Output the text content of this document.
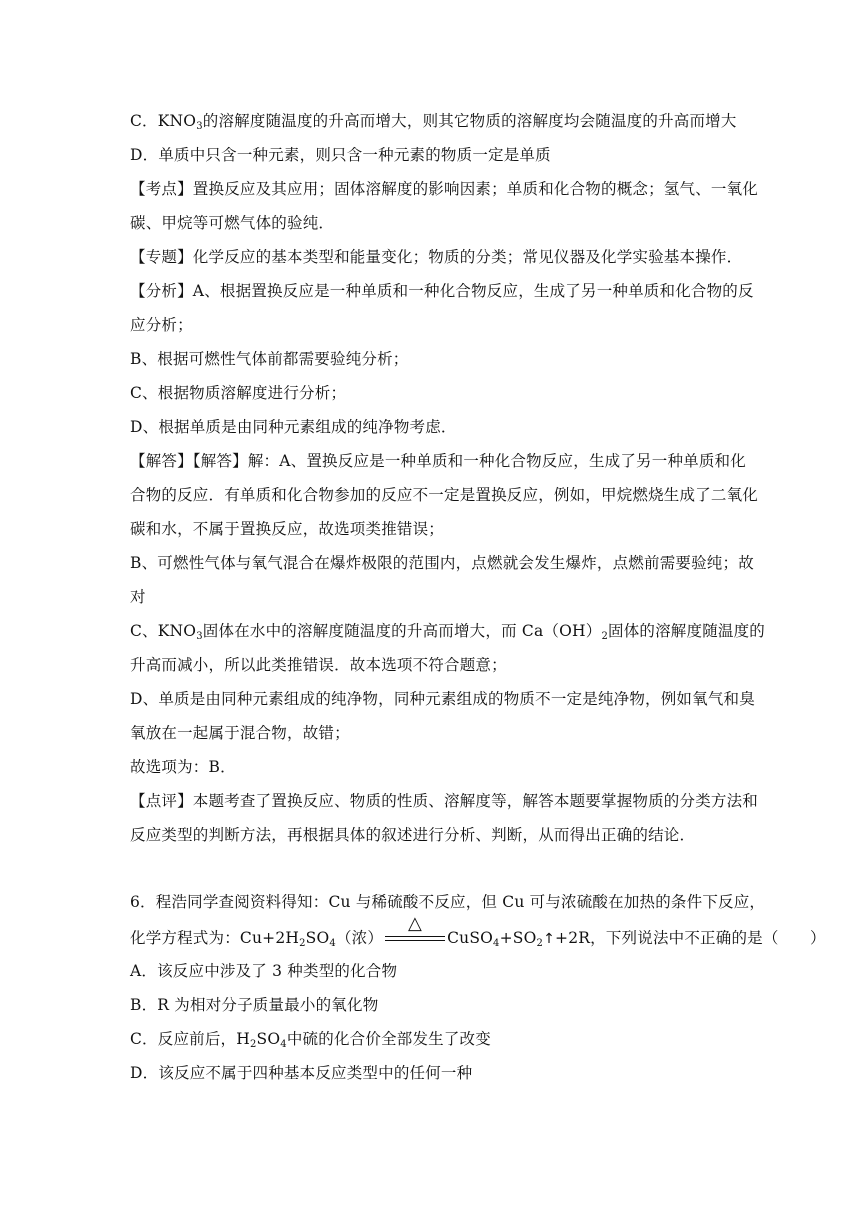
C．$KNO_3$的溶解度随温度的升高而增大，则其它物质的溶解度均会随温度的升高而增大
D．单质中只含一种元素，则只含一种元素的物质一定是单质
【考点】置换反应及其应用；固体溶解度的影响因素；单质和化合物的概念；氢气、一氧化
碳、甲烷等可燃气体的验纯．
【专题】化学反应的基本类型和能量变化；物质的分类；常见仪器及化学实验基本操作．
【分析】A、根据置换反应是一种单质和一种化合物反应，生成了另一种单质和化合物的反
应分析；
B、根据可燃性气体前都需要验纯分析；
C、根据物质溶解度进行分析；
D、根据单质是由同种元素组成的纯净物考虑．
【解答】【解答】解：A、置换反应是一种单质和一种化合物反应，生成了另一种单质和化
合物的反应．有单质和化合物参加的反应不一定是置换反应，例如，甲烷燃烧生成了二氧化
碳和水，不属于置换反应，故选项类推错误；
B、可燃性气体与氧气混合在爆炸极限的范围内，点燃就会发生爆炸，点燃前需要验纯；故
对
C、$KNO_3$固体在水中的溶解度随温度的升高而增大，而 $Ca(OH)_2$固体的溶解度随温度的
升高而减小，所以此类推错误．故本选项不符合题意；
D、单质是由同种元素组成的纯净物，同种元素组成的物质不一定是纯净物，例如氧气和臭
氧放在一起属于混合物，故错；
故选项为：B．
【点评】本题考查了置换反应、物质的性质、溶解度等，解答本题要掌握物质的分类方法和
反应类型的判断方法，再根据具体的叙述进行分析、判断，从而得出正确的结论．
6．程浩同学查阅资料得知：Cu 与稀硫酸不反应，但 Cu 可与浓硫酸在加热的条件下反应，
化学方程式为：$Cu+2H_2SO_4$（浓）
△
$CuSO_4+SO_2↑+2R$，下列说法中不正确的是（　　）
A．该反应中涉及了 3 种类型的化合物
B．R 为相对分子质量最小的氧化物
C．反应前后，$H_2SO_4$中硫的化合价全部发生了改变
D．该反应不属于四种基本反应类型中的任何一种
